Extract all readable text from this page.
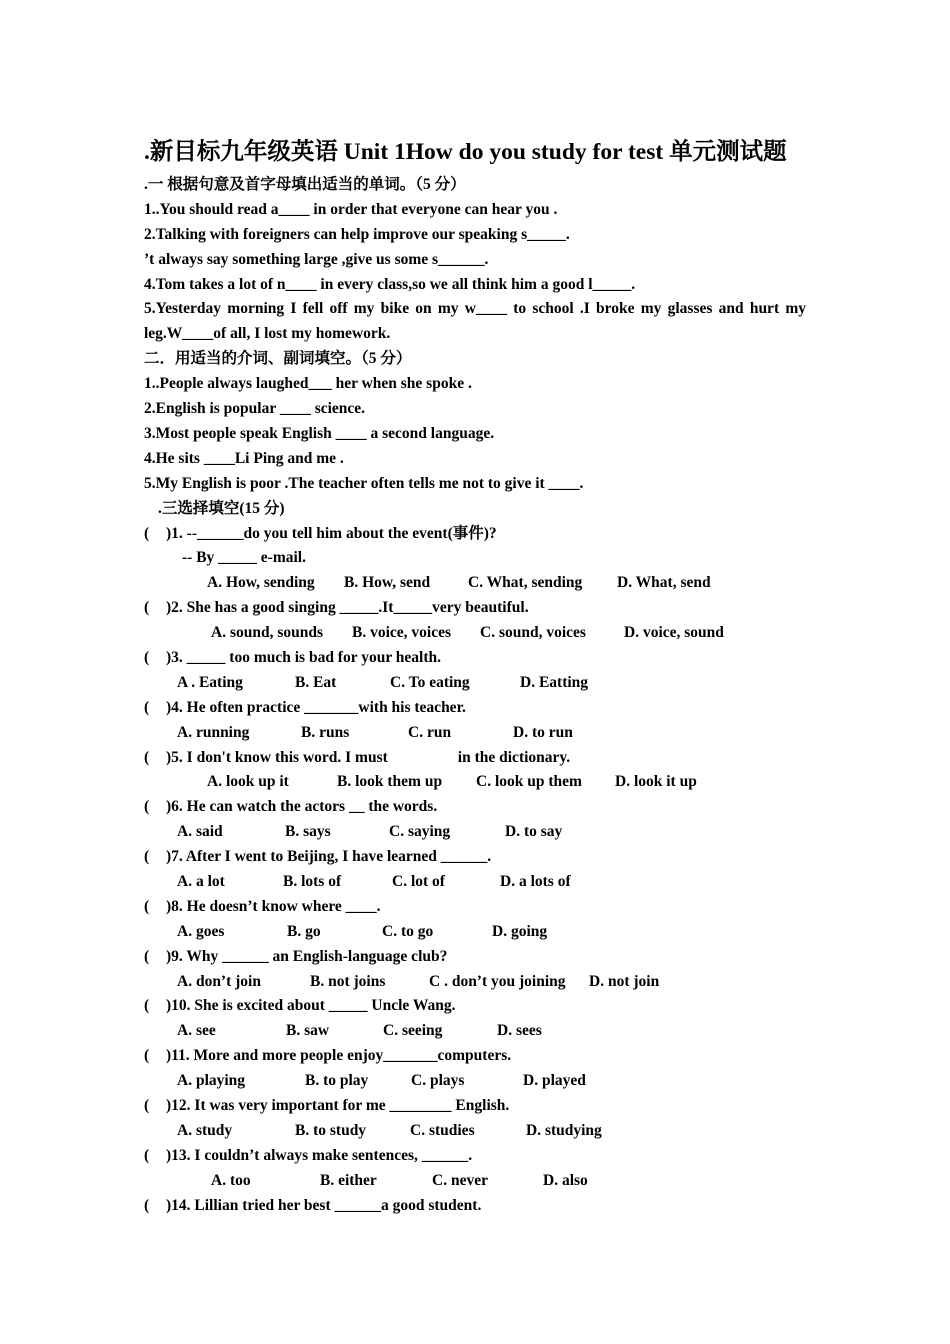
.新目标九年级英语 Unit 1How do you study for test 单元测试题
.一 根据句意及首字母填出适当的单词。（5 分）
1..You should read a____ in order that everyone can hear you .
2.Talking with foreigners can help improve our speaking s_____.
’t always say something large ,give us some s______.
4.Tom takes a lot of n____ in every class,so we all think him a good l_____.
5.Yesterday morning I fell off my bike on my w____ to school .I broke my glasses and hurt my leg.W____of all, I lost my homework.
二．用适当的介词、副词填空。（5 分）
1..People always laughed___ her when she spoke .
2.English is popular ____ science.
3.Most people speak English ____ a second language.
4.He sits ____Li Ping and me .
5.My English is poor .The teacher often tells me not to give it ____.
.三选择填空(15 分)
( )1. --______do you tell him about the event(事件)?
-- By _____ e-mail.
A. How, sending B. How, send C. What, sending D. What, send
( )2. She has a good singing _____.It_____very beautiful.
A. sound, sounds B. voice, voices C. sound, voices D. voice, sound
( )3. _____ too much is bad for your health.
A . Eating	B. Eat	C. To eating	D. Eatting
( )4. He often practice _______with his teacher.
A. running	B. runs	C. run	D. to run
( )5. I don't know this word. I must	in the dictionary.
A. look up it	B. look them up C. look up them D. look it up
( )6. He can watch the actors __ the words.
A. said	B. says	C. saying	D. to say
( )7. After I went to Beijing, I have learned ______.
A. a lot	B. lots of	C. lot of	D. a lots of
( )8. He doesn’t know where ____.
A. goes	B. go	C. to go	D. going
( )9. Why ______ an English-language club?
A. don’t join	B. not joins	C . don’t you joining D. not join
( )10. She is excited about _____ Uncle Wang.
A. see	B. saw	C. seeing	D. sees
( )11. More and more people enjoy_______computers.
A. playing	B. to play	C. plays	D. played
( )12. It was very important for me ________ English.
A. study	B. to study	C. studies	D. studying
( )13. I couldn’t always make sentences, ______.
A. too	B. either	C. never	D. also
( )14. Lillian tried her best ______a good student.
